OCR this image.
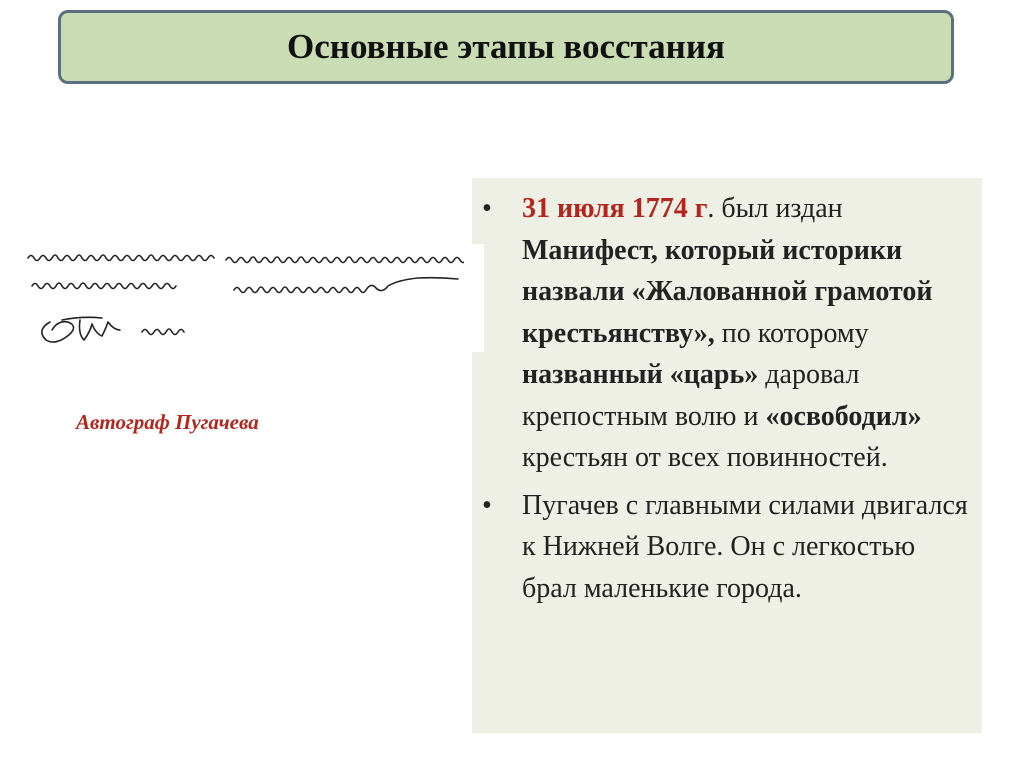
Основные этапы восстания
Автограф Пугачева
• 31 июля 1774 г. был издан Манифест, который историки назвали «Жалованной грамотой крестьянству», по которому названный «царь» даровал крепостным волю и «освободил» крестьян от всех повинностей.
• Пугачев с главными силами двигался к Нижней Волге. Он с легкостью брал маленькие города.
